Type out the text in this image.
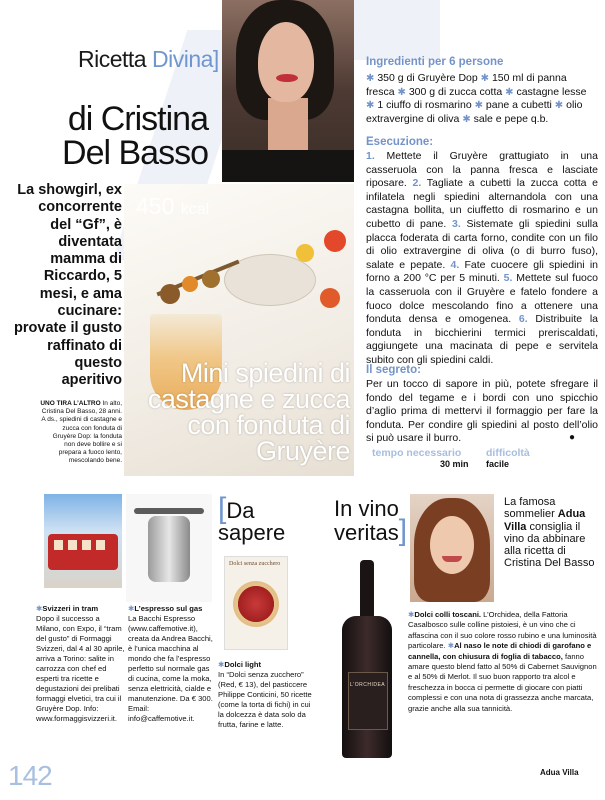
Ricetta Divina]
di Cristina
Del Basso
La showgirl, ex concorrente del “Gf”, è diventata mamma di Riccardo, 5 mesi, e ama cucinare: provate il gusto raffinato di questo aperitivo
UNO TIRA L’ALTRO In alto, Cristina Del Basso, 28 anni. A ds., spiedini di castagne e zucca con fonduta di Gruyère Dop: la fonduta non deve bollire e si prepara a fuoco lento, mescolando bene.
450 kcal
Mini spiedini di castagne e zucca con fonduta di Gruyère
Ingredienti per 6 persone
✱ 350 g di Gruyère Dop ✱ 150 ml di panna fresca ✱ 300 g di zucca cotta ✱ castagne lesse ✱ 1 ciuffo di rosmarino ✱ pane a cubetti ✱ olio extravergine di oliva ✱ sale e pepe q.b.
Esecuzione:
1. Mettete il Gruyère grattugiato in una casseruola con la panna fresca e lasciate riposare. 2. Tagliate a cubetti la zucca cotta e infilatela negli spiedini alternandola con una castagna bollita, un ciuffetto di rosmarino e un cubetto di pane. 3. Sistemate gli spiedini sulla placca foderata di carta forno, condite con un filo di olio extravergine di oliva (o di burro fuso), salate e pepate. 4. Fate cuocere gli spiedini in forno a 200 °C per 5 minuti. 5. Mettete sul fuoco la casseruola con il Gruyère e fatelo fondere a fuoco dolce mescolando fino a ottenere una fonduta densa e omogenea. 6. Distribuite la fonduta in bicchierini termici preriscaldati, aggiungete una macinata di pepe e servitela subito con gli spiedini caldi.
Il segreto:
Per un tocco di sapore in più, potete sfregare il fondo del tegame e i bordi con uno spicchio d’aglio prima di mettervi il formaggio per fare la fonduta. Per condire gli spiedini al posto dell’olio si può usare il burro.	●
tempo necessario
30 min
difficoltà
facile
[Da
sapere
Dolci senza zucchero
✱Svizzeri in tram
Dopo il successo a Milano, con Expo, il “tram del gusto” di Formaggi Svizzeri, dal 4 al 30 aprile, arriva a Torino: salite in carrozza con chef ed esperti tra ricette e degustazioni dei prelibati formaggi elvetici, tra cui il Gruyère Dop. Info: www.formaggisvizzeri.it.
✱L’espresso sul gas
La Bacchi Espresso (www.caffemotive.it), creata da Andrea Bacchi, è l’unica macchina al mondo che fa l’espresso perfetto sul normale gas di cucina, come la moka, senza elettricità, cialde e manutenzione. Da € 300. Email: info@caffemotive.it.
✱Dolci light
In “Dolci senza zucchero” (Red, € 13), del pasticcere Philippe Conticini, 50 ricette (come la torta di fichi) in cui la dolcezza è data solo da frutta, farine e latte.
In vino
veritas]
L'ORCHIDEA
La famosa sommelier Adua Villa consiglia il vino da abbinare alla ricetta di Cristina Del Basso
✱Dolci colli toscani. L’Orchidea, della Fattoria Casalbosco sulle colline pistoiesi, è un vino che ci affascina con il suo colore rosso rubino e una luminosità particolare. ✱Al naso le note di chiodi di garofano e cannella, con chiusura di foglia di tabacco, fanno amare questo blend fatto al 50% di Cabernet Sauvignon e al 50% di Merlot. Il suo buon rapporto tra alcol e freschezza in bocca ci permette di giocare con piatti complessi e con una nota di grassezza anche marcata, grazie anche alla sua tannicità.
Adua Villa
142
